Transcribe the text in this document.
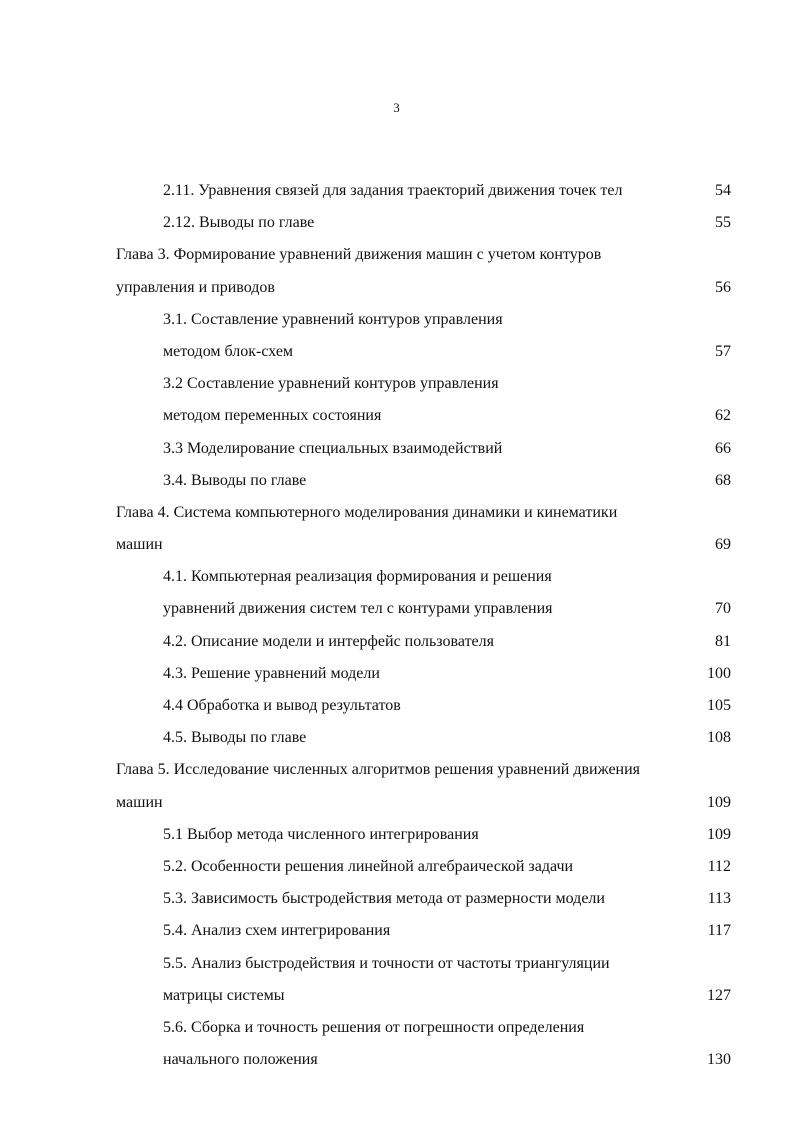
3
2.11. Уравнения связей для задания траекторий движения точек тел	54
2.12. Выводы по главе	55
Глава 3. Формирование уравнений движения машин с учетом контуров
управления и приводов	56
3.1. Составление уравнений контуров управления
методом блок-схем	57
3.2 Составление уравнений контуров управления
методом переменных состояния	62
3.3 Моделирование специальных взаимодействий	66
3.4. Выводы по главе	68
Глава 4. Система компьютерного моделирования динамики и кинематики
машин	69
4.1. Компьютерная реализация формирования и решения
уравнений движения систем тел с контурами управления	70
4.2. Описание модели и интерфейс пользователя	81
4.3. Решение уравнений модели	100
4.4 Обработка и вывод результатов	105
4.5. Выводы по главе	108
Глава 5. Исследование численных алгоритмов решения уравнений движения
машин	109
5.1 Выбор метода численного интегрирования	109
5.2. Особенности решения линейной алгебраической задачи	112
5.3. Зависимость быстродействия метода от размерности модели	113
5.4. Анализ схем интегрирования	117
5.5. Анализ быстродействия и точности от частоты триангуляции
матрицы системы	127
5.6. Сборка и точность решения от погрешности определения
начального положения	130
